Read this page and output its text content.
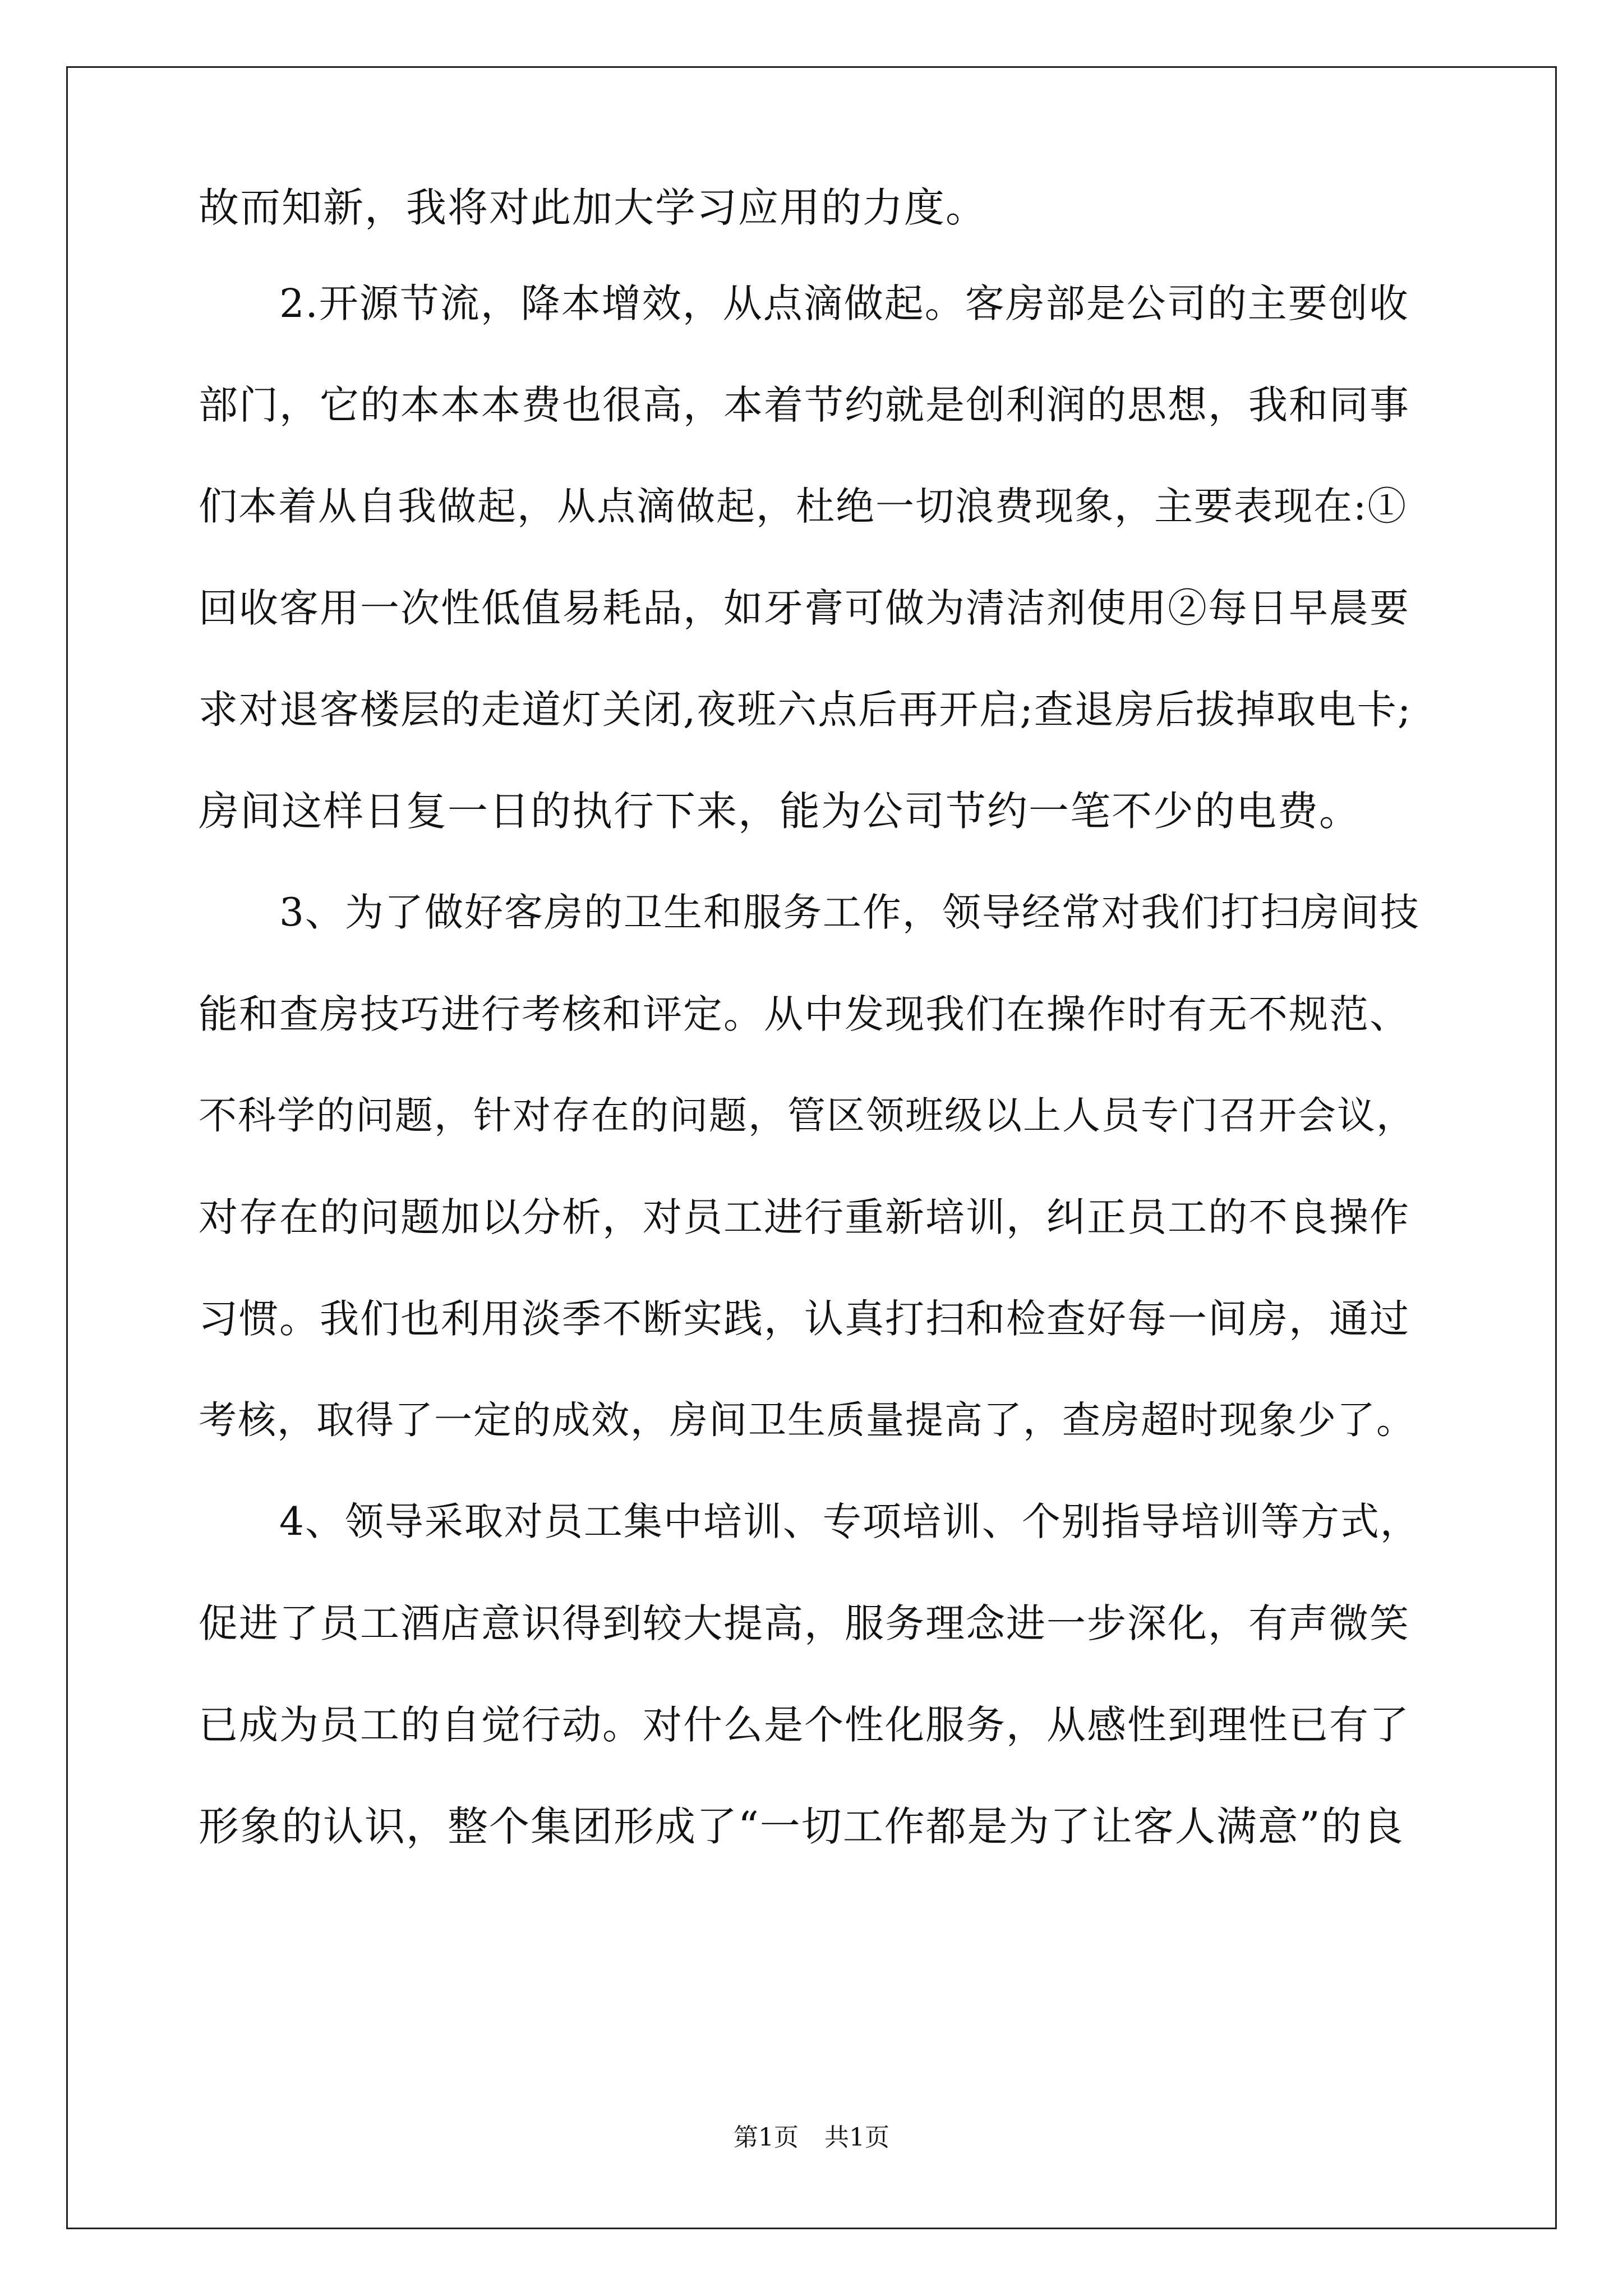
故而知新，我将对此加大学习应用的力度。
2.开源节流，降本增效，从点滴做起。客房部是公司的主要创收
部门，它的本本本费也很高，本着节约就是创利润的思想，我和同事
们本着从自我做起，从点滴做起，杜绝一切浪费现象，主要表现在:①
回收客用一次性低值易耗品，如牙膏可做为清洁剂使用②每日早晨要
求对退客楼层的走道灯关闭,夜班六点后再开启;查退房后拔掉取电卡;
房间这样日复一日的执行下来，能为公司节约一笔不少的电费。
3、为了做好客房的卫生和服务工作，领导经常对我们打扫房间技
能和查房技巧进行考核和评定。从中发现我们在操作时有无不规范、
不科学的问题，针对存在的问题，管区领班级以上人员专门召开会议，
对存在的问题加以分析，对员工进行重新培训，纠正员工的不良操作
习惯。我们也利用淡季不断实践，认真打扫和检查好每一间房，通过
考核，取得了一定的成效，房间卫生质量提高了，查房超时现象少了。
4、领导采取对员工集中培训、专项培训、个别指导培训等方式，
促进了员工酒店意识得到较大提高，服务理念进一步深化，有声微笑
已成为员工的自觉行动。对什么是个性化服务，从感性到理性已有了
形象的认识，整个集团形成了“一切工作都是为了让客人满意”的良
第1页 共1页
